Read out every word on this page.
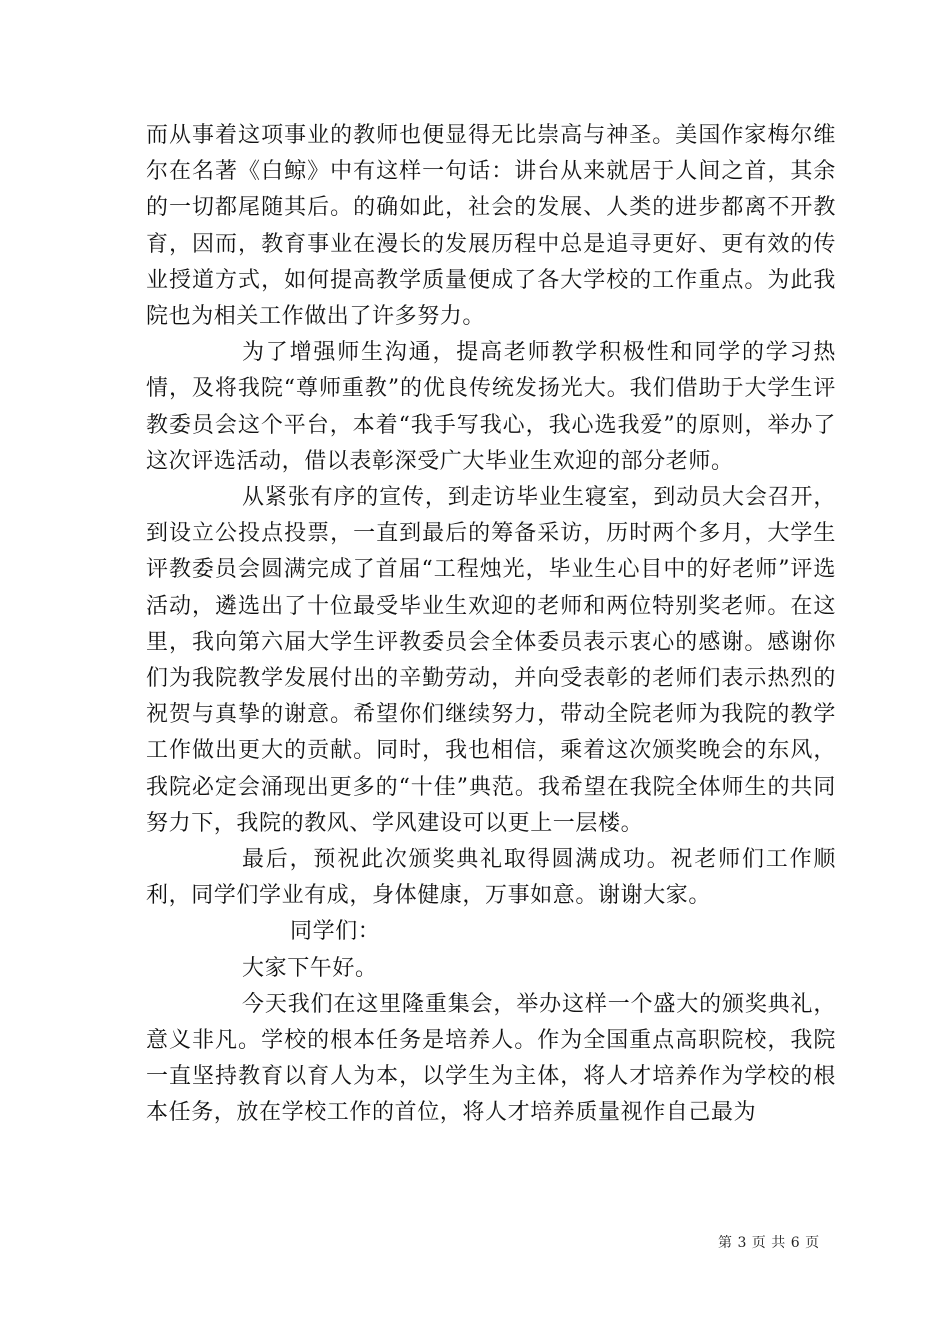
而从事着这项事业的教师也便显得无比崇高与神圣。美国作家梅尔维尔在名著《白鲸》中有这样一句话：讲台从来就居于人间之首，其余的一切都尾随其后。的确如此，社会的发展、人类的进步都离不开教育，因而，教育事业在漫长的发展历程中总是追寻更好、更有效的传业授道方式，如何提高教学质量便成了各大学校的工作重点。为此我院也为相关工作做出了许多努力。

为了增强师生沟通，提高老师教学积极性和同学的学习热情，及将我院“尊师重教”的优良传统发扬光大。我们借助于大学生评教委员会这个平台，本着“我手写我心，我心选我爱”的原则，举办了这次评选活动，借以表彰深受广大毕业生欢迎的部分老师。

从紧张有序的宣传，到走访毕业生寝室，到动员大会召开，到设立公投点投票，一直到最后的筹备采访，历时两个多月，大学生评教委员会圆满完成了首届“工程烛光，毕业生心目中的好老师”评选活动，遴选出了十位最受毕业生欢迎的老师和两位特别奖老师。在这里，我向第六届大学生评教委员会全体委员表示衷心的感谢。感谢你们为我院教学发展付出的辛勤劳动，并向受表彰的老师们表示热烈的祝贺与真挚的谢意。希望你们继续努力，带动全院老师为我院的教学工作做出更大的贡献。同时，我也相信，乘着这次颁奖晚会的东风，我院必定会涌现出更多的“十佳”典范。我希望在我院全体师生的共同努力下，我院的教风、学风建设可以更上一层楼。

最后，预祝此次颁奖典礼取得圆满成功。祝老师们工作顺利，同学们学业有成，身体健康，万事如意。谢谢大家。

同学们：

大家下午好。

今天我们在这里隆重集会，举办这样一个盛大的颁奖典礼，意义非凡。学校的根本任务是培养人。作为全国重点高职院校，我院一直坚持教育以育人为本，以学生为主体，将人才培养作为学校的根本任务，放在学校工作的首位，将人才培养质量视作自己最为

第 3 页 共 6 页
